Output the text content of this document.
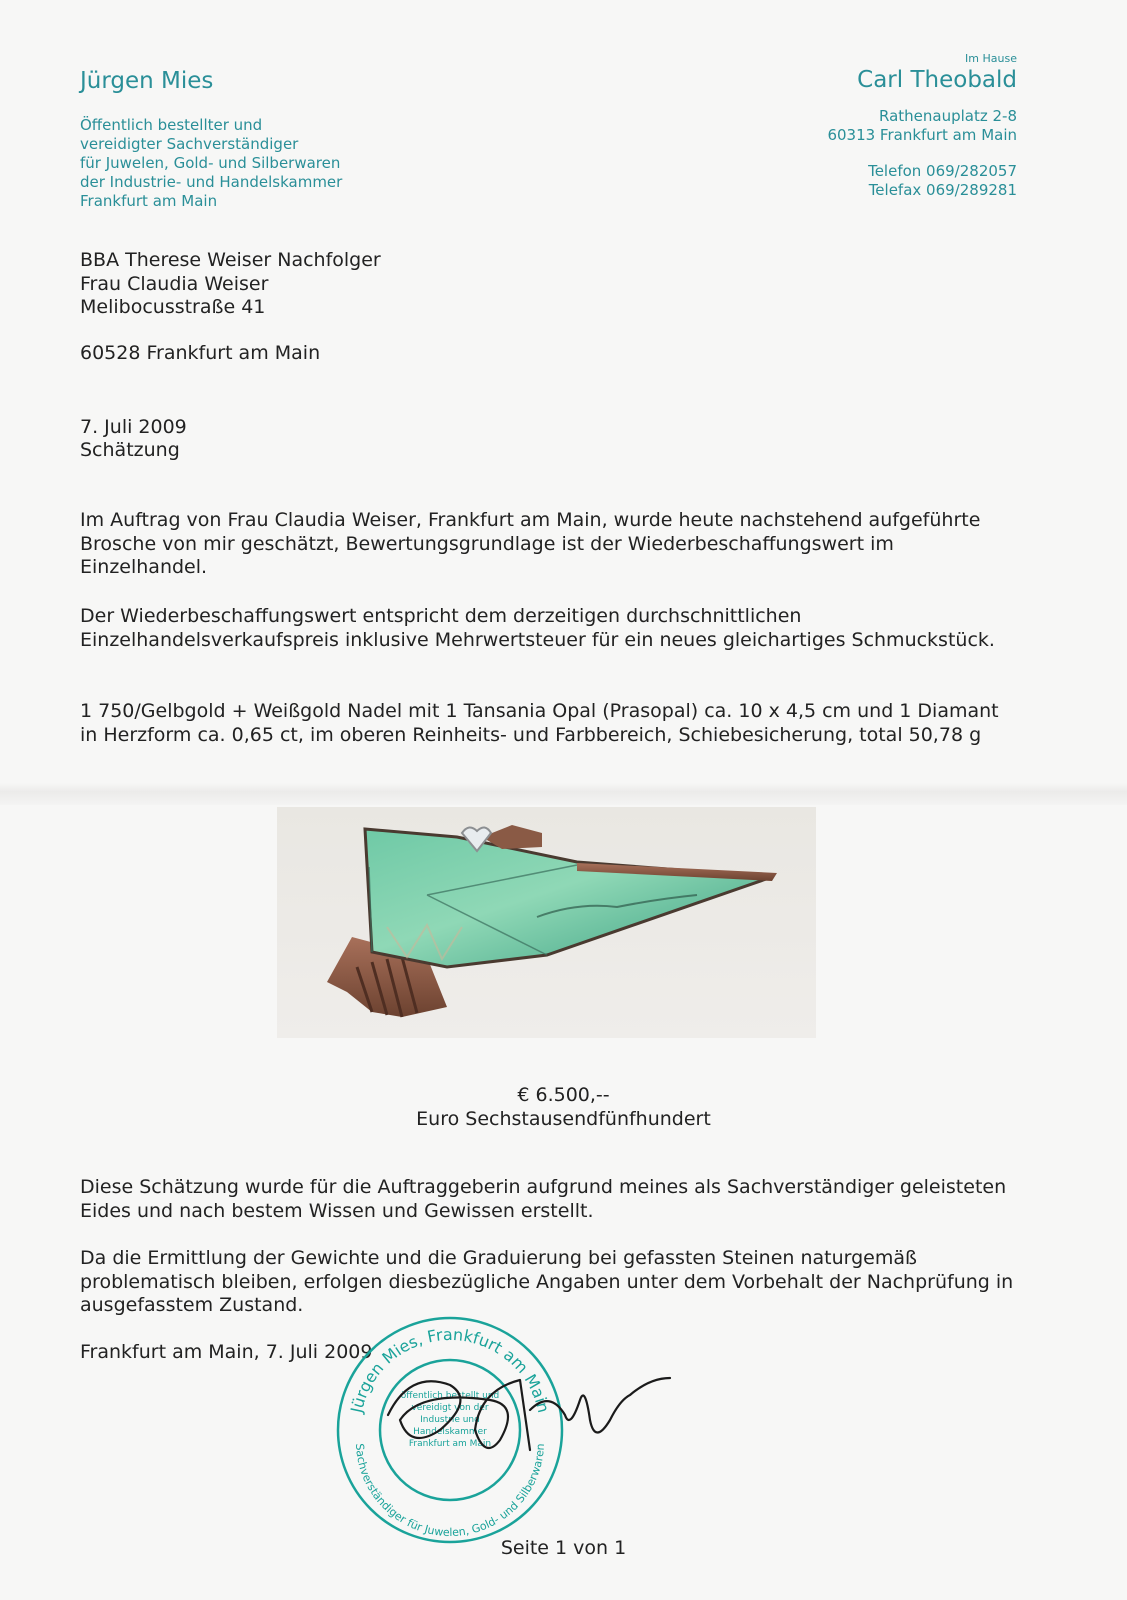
Jürgen Mies
Öffentlich bestellter und
vereidigter Sachverständiger
für Juwelen, Gold- und Silberwaren
der Industrie- und Handelskammer
Frankfurt am Main
Im Hause
Carl Theobald
Rathenauplatz 2-8
60313 Frankfurt am Main
Telefon 069/282057
Telefax 069/289281
BBA Therese Weiser Nachfolger
Frau Claudia Weiser
Melibocusstraße 41
60528 Frankfurt am Main
7. Juli 2009
Schätzung
Im Auftrag von Frau Claudia Weiser, Frankfurt am Main, wurde heute nachstehend aufgeführte
Brosche von mir geschätzt, Bewertungsgrundlage ist der Wiederbeschaffungswert im
Einzelhandel.
Der Wiederbeschaffungswert entspricht dem derzeitigen durchschnittlichen
Einzelhandelsverkaufspreis inklusive Mehrwertsteuer für ein neues gleichartiges Schmuckstück.
1 750/Gelbgold + Weißgold Nadel mit 1 Tansania Opal (Prasopal) ca. 10 x 4,5 cm und 1 Diamant
in Herzform ca. 0,65 ct, im oberen Reinheits- und Farbbereich, Schiebesicherung, total 50,78 g
€ 6.500,--
Euro Sechstausendfünfhundert
Diese Schätzung wurde für die Auftraggeberin aufgrund meines als Sachverständiger geleisteten
Eides und nach bestem Wissen und Gewissen erstellt.
Da die Ermittlung der Gewichte und die Graduierung bei gefassten Steinen naturgemäß
problematisch bleiben, erfolgen diesbezügliche Angaben unter dem Vorbehalt der Nachprüfung in
ausgefasstem Zustand.
Frankfurt am Main, 7. Juli 2009
Jürgen Mies, Frankfurt am Main
Sachverständiger für Juwelen, Gold- und Silberwaren
öffentlich bestellt und vereidigt von der Industrie und Handelskammer Frankfurt am Main
Seite 1 von 1
